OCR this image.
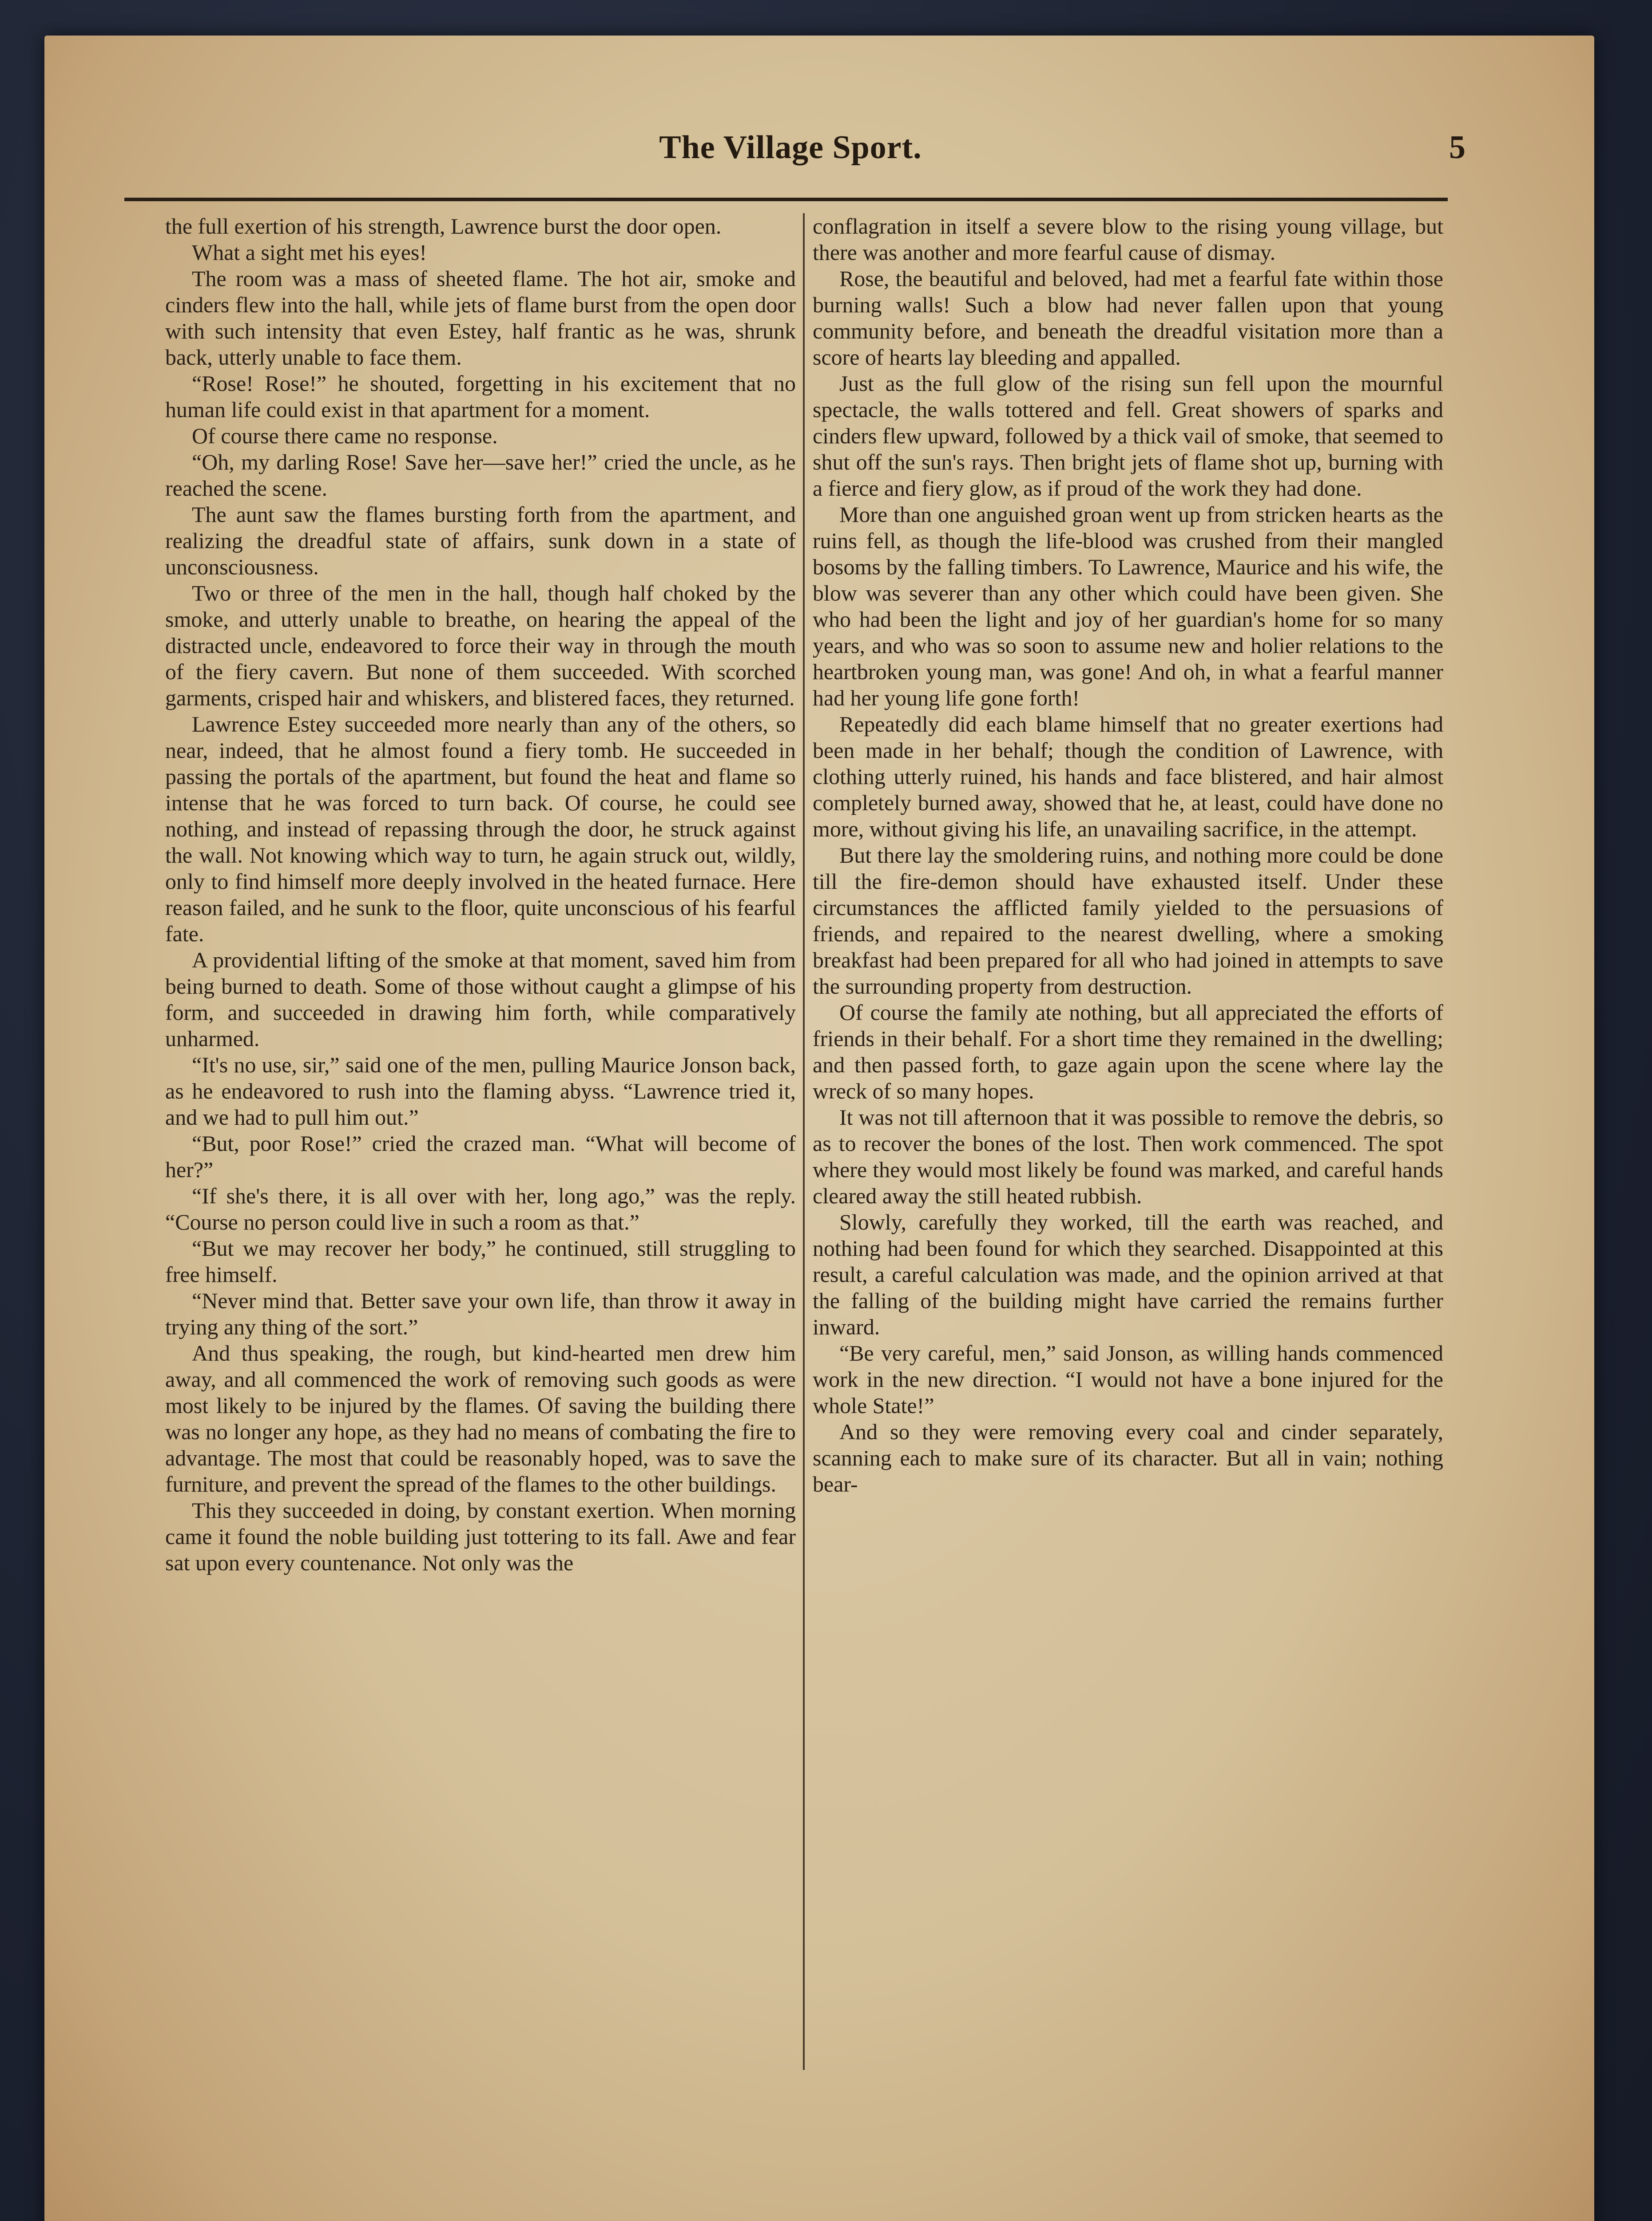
The Village Sport.	5

the full exertion of his strength, Lawrence burst the door open.

What a sight met his eyes!

The room was a mass of sheeted flame. The hot air, smoke and cinders flew into the hall, while jets of flame burst from the open door with such intensity that even Estey, half frantic as he was, shrunk back, utterly unable to face them.

“Rose! Rose!” he shouted, forgetting in his excitement that no human life could exist in that apartment for a moment.

Of course there came no response.

“Oh, my darling Rose! Save her—save her!” cried the uncle, as he reached the scene.

The aunt saw the flames bursting forth from the apartment, and realizing the dreadful state of affairs, sunk down in a state of unconsciousness.

Two or three of the men in the hall, though half choked by the smoke, and utterly unable to breathe, on hearing the appeal of the distracted uncle, endeavored to force their way in through the mouth of the fiery cavern. But none of them succeeded. With scorched garments, crisped hair and whiskers, and blistered faces, they returned.

Lawrence Estey succeeded more nearly than any of the others, so near, indeed, that he almost found a fiery tomb. He succeeded in passing the portals of the apartment, but found the heat and flame so intense that he was forced to turn back. Of course, he could see nothing, and instead of repassing through the door, he struck against the wall. Not knowing which way to turn, he again struck out, wildly, only to find himself more deeply involved in the heated furnace. Here reason failed, and he sunk to the floor, quite unconscious of his fearful fate.

A providential lifting of the smoke at that moment, saved him from being burned to death. Some of those without caught a glimpse of his form, and succeeded in drawing him forth, while comparatively unharmed.

“It's no use, sir,” said one of the men, pulling Maurice Jonson back, as he endeavored to rush into the flaming abyss. “Lawrence tried it, and we had to pull him out.”

“But, poor Rose!” cried the crazed man. “What will become of her?”

“If she's there, it is all over with her, long ago,” was the reply. “Course no person could live in such a room as that.”

“But we may recover her body,” he continued, still struggling to free himself.

“Never mind that. Better save your own life, than throw it away in trying any thing of the sort.”

And thus speaking, the rough, but kind-hearted men drew him away, and all commenced the work of removing such goods as were most likely to be injured by the flames. Of saving the building there was no longer any hope, as they had no means of combating the fire to advantage. The most that could be reasonably hoped, was to save the furniture, and prevent the spread of the flames to the other buildings.

This they succeeded in doing, by constant exertion. When morning came it found the noble building just tottering to its fall. Awe and fear sat upon every countenance. Not only was the

conflagration in itself a severe blow to the rising young village, but there was another and more fearful cause of dismay.

Rose, the beautiful and beloved, had met a fearful fate within those burning walls! Such a blow had never fallen upon that young community before, and beneath the dreadful visitation more than a score of hearts lay bleeding and appalled.

Just as the full glow of the rising sun fell upon the mournful spectacle, the walls tottered and fell. Great showers of sparks and cinders flew upward, followed by a thick vail of smoke, that seemed to shut off the sun's rays. Then bright jets of flame shot up, burning with a fierce and fiery glow, as if proud of the work they had done.

More than one anguished groan went up from stricken hearts as the ruins fell, as though the life-blood was crushed from their mangled bosoms by the falling timbers. To Lawrence, Maurice and his wife, the blow was severer than any other which could have been given. She who had been the light and joy of her guardian's home for so many years, and who was so soon to assume new and holier relations to the heartbroken young man, was gone! And oh, in what a fearful manner had her young life gone forth!

Repeatedly did each blame himself that no greater exertions had been made in her behalf; though the condition of Lawrence, with clothing utterly ruined, his hands and face blistered, and hair almost completely burned away, showed that he, at least, could have done no more, without giving his life, an unavailing sacrifice, in the attempt.

But there lay the smoldering ruins, and nothing more could be done till the fire-demon should have exhausted itself. Under these circumstances the afflicted family yielded to the persuasions of friends, and repaired to the nearest dwelling, where a smoking breakfast had been prepared for all who had joined in attempts to save the surrounding property from destruction.

Of course the family ate nothing, but all appreciated the efforts of friends in their behalf. For a short time they remained in the dwelling; and then passed forth, to gaze again upon the scene where lay the wreck of so many hopes.

It was not till afternoon that it was possible to remove the debris, so as to recover the bones of the lost. Then work commenced. The spot where they would most likely be found was marked, and careful hands cleared away the still heated rubbish.

Slowly, carefully they worked, till the earth was reached, and nothing had been found for which they searched. Disappointed at this result, a careful calculation was made, and the opinion arrived at that the falling of the building might have carried the remains further inward.

“Be very careful, men,” said Jonson, as willing hands commenced work in the new direction. “I would not have a bone injured for the whole State!”

And so they were removing every coal and cinder separately, scanning each to make sure of its character. But all in vain; nothing bear-
